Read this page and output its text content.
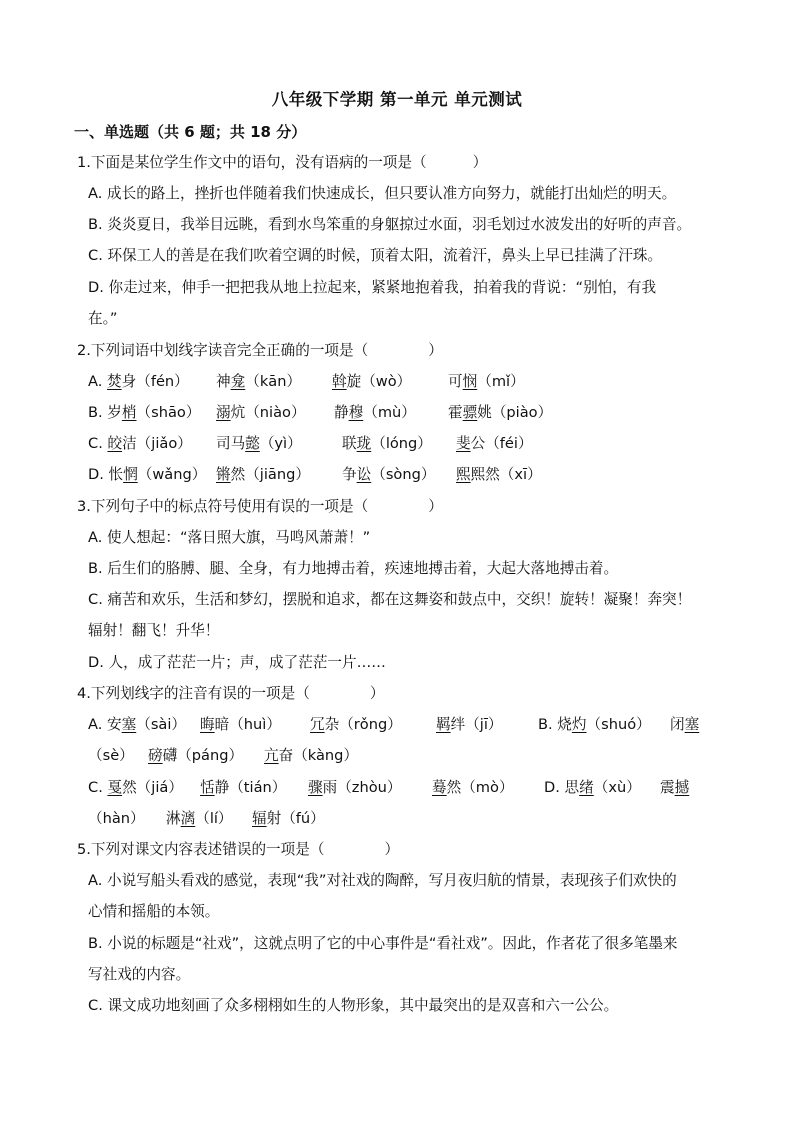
八年级下学期 第一单元 单元测试
一、单选题（共 6 题；共 18 分）
1.下面是某位学生作文中的语句，没有语病的一项是（	）
A. 成长的路上，挫折也伴随着我们快速成长，但只要认准方向努力，就能打出灿烂的明天。
B. 炎炎夏日，我举目远眺，看到水鸟笨重的身躯掠过水面，羽毛划过水波发出的好听的声音。
C. 环保工人的善是在我们吹着空调的时候，顶着太阳，流着汗，鼻头上早已挂满了汗珠。
D. 你走过来，伸手一把把我从地上拉起来，紧紧地抱着我，拍着我的背说：“别怕，有我
在。”
2.下列词语中划线字读音完全正确的一项是（	）
A. 焚身（fén） 神龛（kān） 斡旋（wò）	可悯（mǐ）
B. 岁梢（shāo） 溺炕（niào） 静穆（mù） 霍骠姚（piào）
C. 皎洁（jiǎo） 司马懿（yì）	联珑（lóng） 斐公（féi）
D. 怅惘（wǎng） 锵然（jiāng） 争讼（sòng） 熙熙然（xī）
3.下列句子中的标点符号使用有误的一项是（	）
A. 使人想起：“落日照大旗，马鸣风萧萧！”
B. 后生们的胳膊、腿、全身，有力地搏击着，疾速地搏击着，大起大落地搏击着。
C. 痛苦和欢乐，生活和梦幻，摆脱和追求，都在这舞姿和鼓点中，交织！旋转！凝聚！奔突！
辐射！翻飞！升华！
D. 人，成了茫茫一片；声，成了茫茫一片……
4.下列划线字的注音有误的一项是（	）
A. 安塞（sài） 晦暗（huì） 冗杂（rǒng） 羁绊（jī） B. 烧灼（shuó） 闭塞
（sè） 磅礴（páng） 亢奋（kàng）
C. 戛然（jiá） 恬静（tián） 骤雨（zhòu） 蓦然（mò） D. 思绪（xù） 震撼
（hàn） 淋漓（lí） 辐射（fú）
5.下列对课文内容表述错误的一项是（	）
A. 小说写船头看戏的感觉，表现“我”对社戏的陶醉，写月夜归航的情景，表现孩子们欢快的
心情和摇船的本领。
B. 小说的标题是“社戏”，这就点明了它的中心事件是“看社戏”。因此，作者花了很多笔墨来
写社戏的内容。
C. 课文成功地刻画了众多栩栩如生的人物形象，其中最突出的是双喜和六一公公。
